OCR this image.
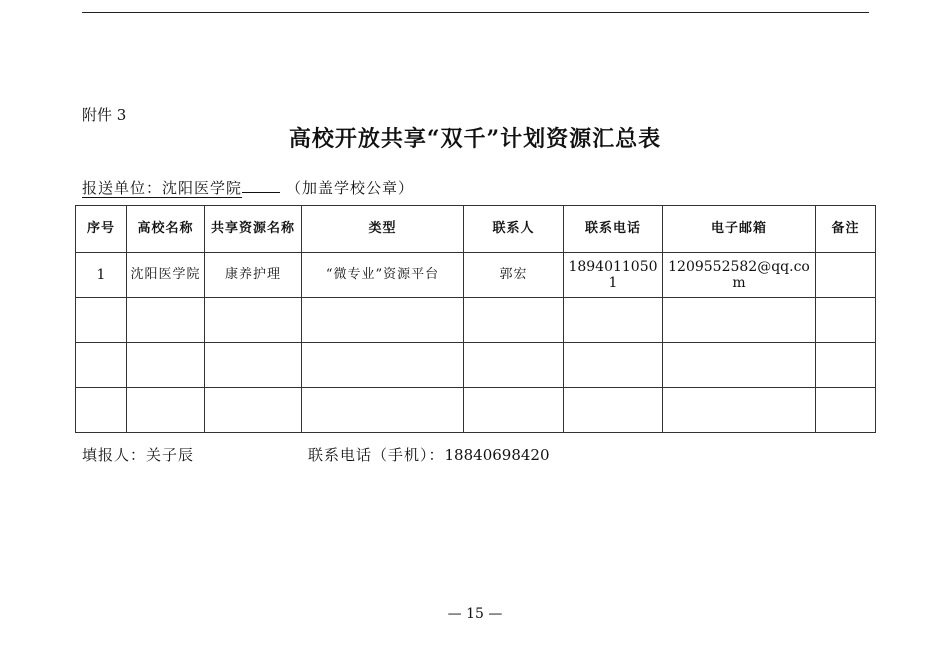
附件 3
高校开放共享“双千”计划资源汇总表
报送单位：沈阳医学院	（加盖学校公章）
序号	高校名称	共享资源名称	类型	联系人	联系电话	电子邮箱	备注
1	沈阳医学院	康养护理	“微专业”资源平台	郭宏	18940110501	1209552582@qq.com	

填报人：关子辰	联系电话（手机）：18840698420
— 15 —
